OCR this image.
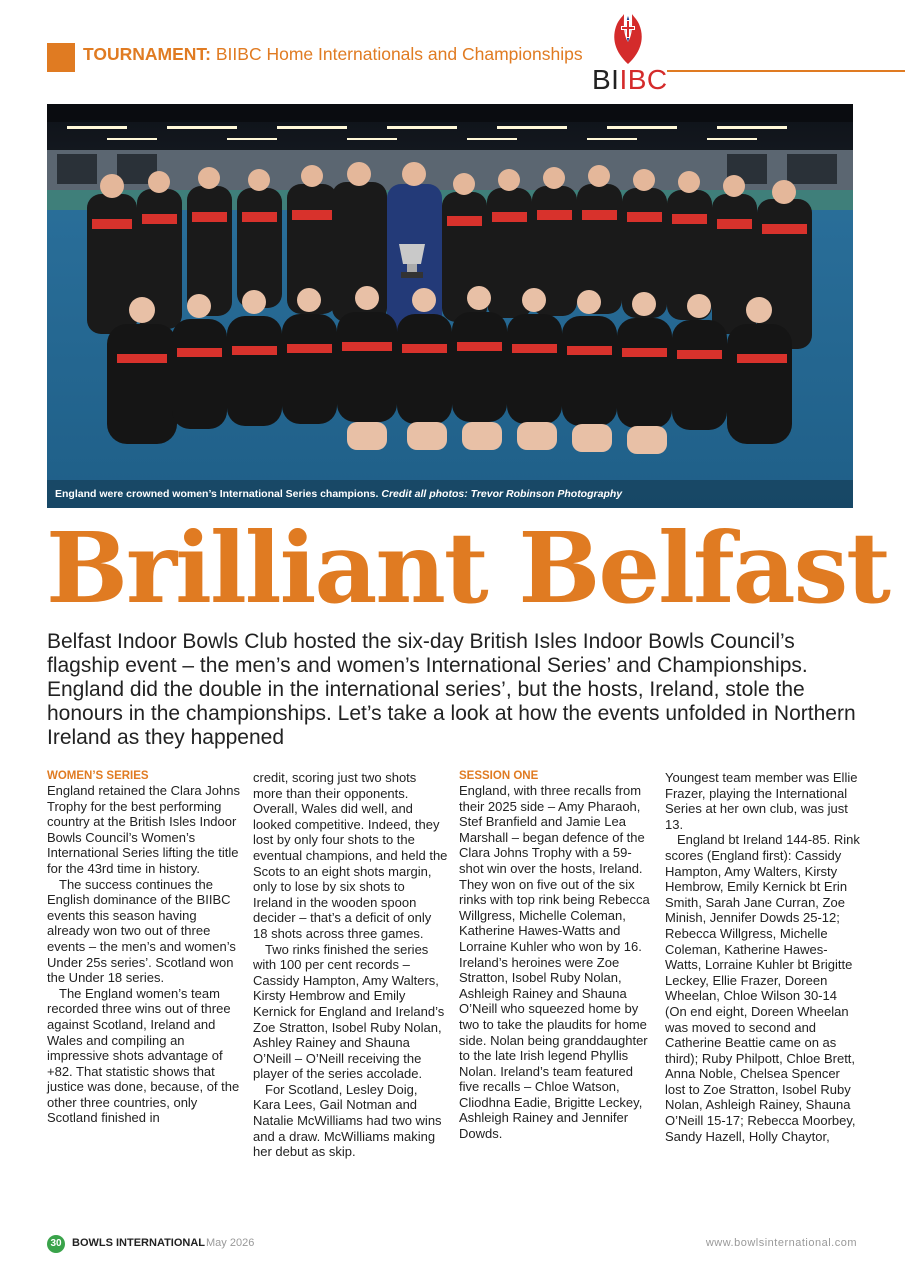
TOURNAMENT: BIIBC Home Internationals and Championships
BIIBC
England were crowned women’s International Series champions. Credit all photos: Trevor Robinson Photography
Brilliant Belfast
Belfast Indoor Bowls Club hosted the six-day British Isles Indoor Bowls Council’s flagship event – the men’s and women’s International Series’ and Championships. England did the double in the international series’, but the hosts, Ireland, stole the honours in the championships. Let’s take a look at how the events unfolded in Northern Ireland as they happened

WOMEN’S SERIES

England retained the Clara Johns Trophy for the best performing country at the British Isles Indoor Bowls Council’s Women’s International Series lifting the title for the 43rd time in history.

The success continues the English dominance of the BIIBC events this season having already won two out of three events – the men’s and women’s Under 25s series’. Scotland won the Under 18 series.

The England women’s team recorded three wins out of three against Scotland, Ireland and Wales and compiling an impressive shots advantage of +82. That statistic shows that justice was done, because, of the other three countries, only Scotland finished in

credit, scoring just two shots more than their opponents. Overall, Wales did well, and looked competitive. Indeed, they lost by only four shots to the eventual champions, and held the Scots to an eight shots margin, only to lose by six shots to Ireland in the wooden spoon decider – that’s a deficit of only 18 shots across three games.

Two rinks finished the series with 100 per cent records – Cassidy Hampton, Amy Walters, Kirsty Hembrow and Emily Kernick for England and Ireland’s Zoe Stratton, Isobel Ruby Nolan, Ashley Rainey and Shauna O’Neill – O’Neill receiving the player of the series accolade.

For Scotland, Lesley Doig, Kara Lees, Gail Notman and Natalie McWilliams had two wins and a draw. McWilliams making her debut as skip.

SESSION ONE

England, with three recalls from their 2025 side – Amy Pharaoh, Stef Branfield and Jamie Lea Marshall – began defence of the Clara Johns Trophy with a 59-shot win over the hosts, Ireland. They won on five out of the six rinks with top rink being Rebecca Willgress, Michelle Coleman, Katherine Hawes-Watts and Lorraine Kuhler who won by 16. Ireland’s heroines were Zoe Stratton, Isobel Ruby Nolan, Ashleigh Rainey and Shauna O’Neill who squeezed home by two to take the plaudits for home side. Nolan being granddaughter to the late Irish legend Phyllis Nolan. Ireland’s team featured five recalls – Chloe Watson, Cliodhna Eadie, Brigitte Leckey, Ashleigh Rainey and Jennifer Dowds.

Youngest team member was Ellie Frazer, playing the International Series at her own club, was just 13.

England bt Ireland 144-85. Rink scores (England first): Cassidy Hampton, Amy Walters, Kirsty Hembrow, Emily Kernick bt Erin Smith, Sarah Jane Curran, Zoe Minish, Jennifer Dowds 25-12; Rebecca Willgress, Michelle Coleman, Katherine Hawes-Watts, Lorraine Kuhler bt Brigitte Leckey, Ellie Frazer, Doreen Wheelan, Chloe Wilson 30-14 (On end eight, Doreen Wheelan was moved to second and Catherine Beattie came on as third); Ruby Philpott, Chloe Brett, Anna Noble, Chelsea Spencer lost to Zoe Stratton, Isobel Ruby Nolan, Ashleigh Rainey, Shauna O’Neill 15-17; Rebecca Moorbey, Sandy Hazell, Holly Chaytor,

30 BOWLS INTERNATIONAL May 2026	www.bowlsinternational.com
